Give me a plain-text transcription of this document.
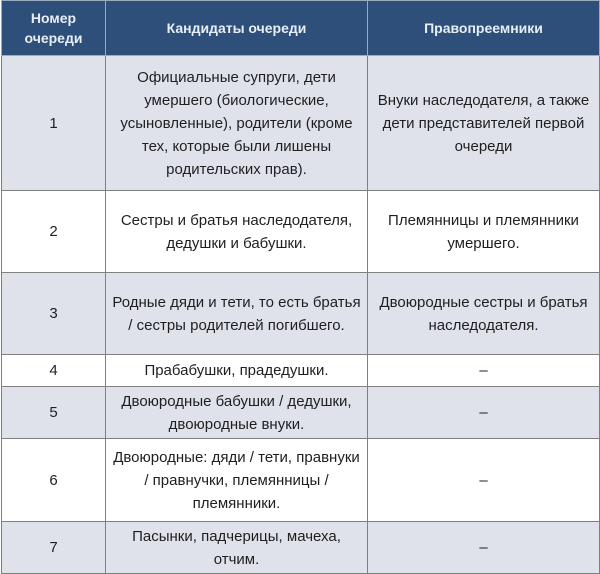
Номер очереди	Кандидаты очереди	Правопреемники
1	Официальные супруги, дети умершего (биологические, усыновленные), родители (кроме тех, которые были лишены родительских прав).	Внуки наследодателя, а также дети представителей первой очереди
2	Сестры и братья наследодателя, дедушки и бабушки.	Племянницы и племянники умершего.
3	Родные дяди и тети, то есть братья / сестры родителей погибшего.	Двоюродные сестры и братья наследодателя.
4	Прабабушки, прадедушки.	–
5	Двоюродные бабушки / дедушки, двоюродные внуки.	–
6	Двоюродные: дяди / тети, правнуки / правнучки, племянницы / племянники.	–
7	Пасынки, падчерицы, мачеха, отчим.	–
